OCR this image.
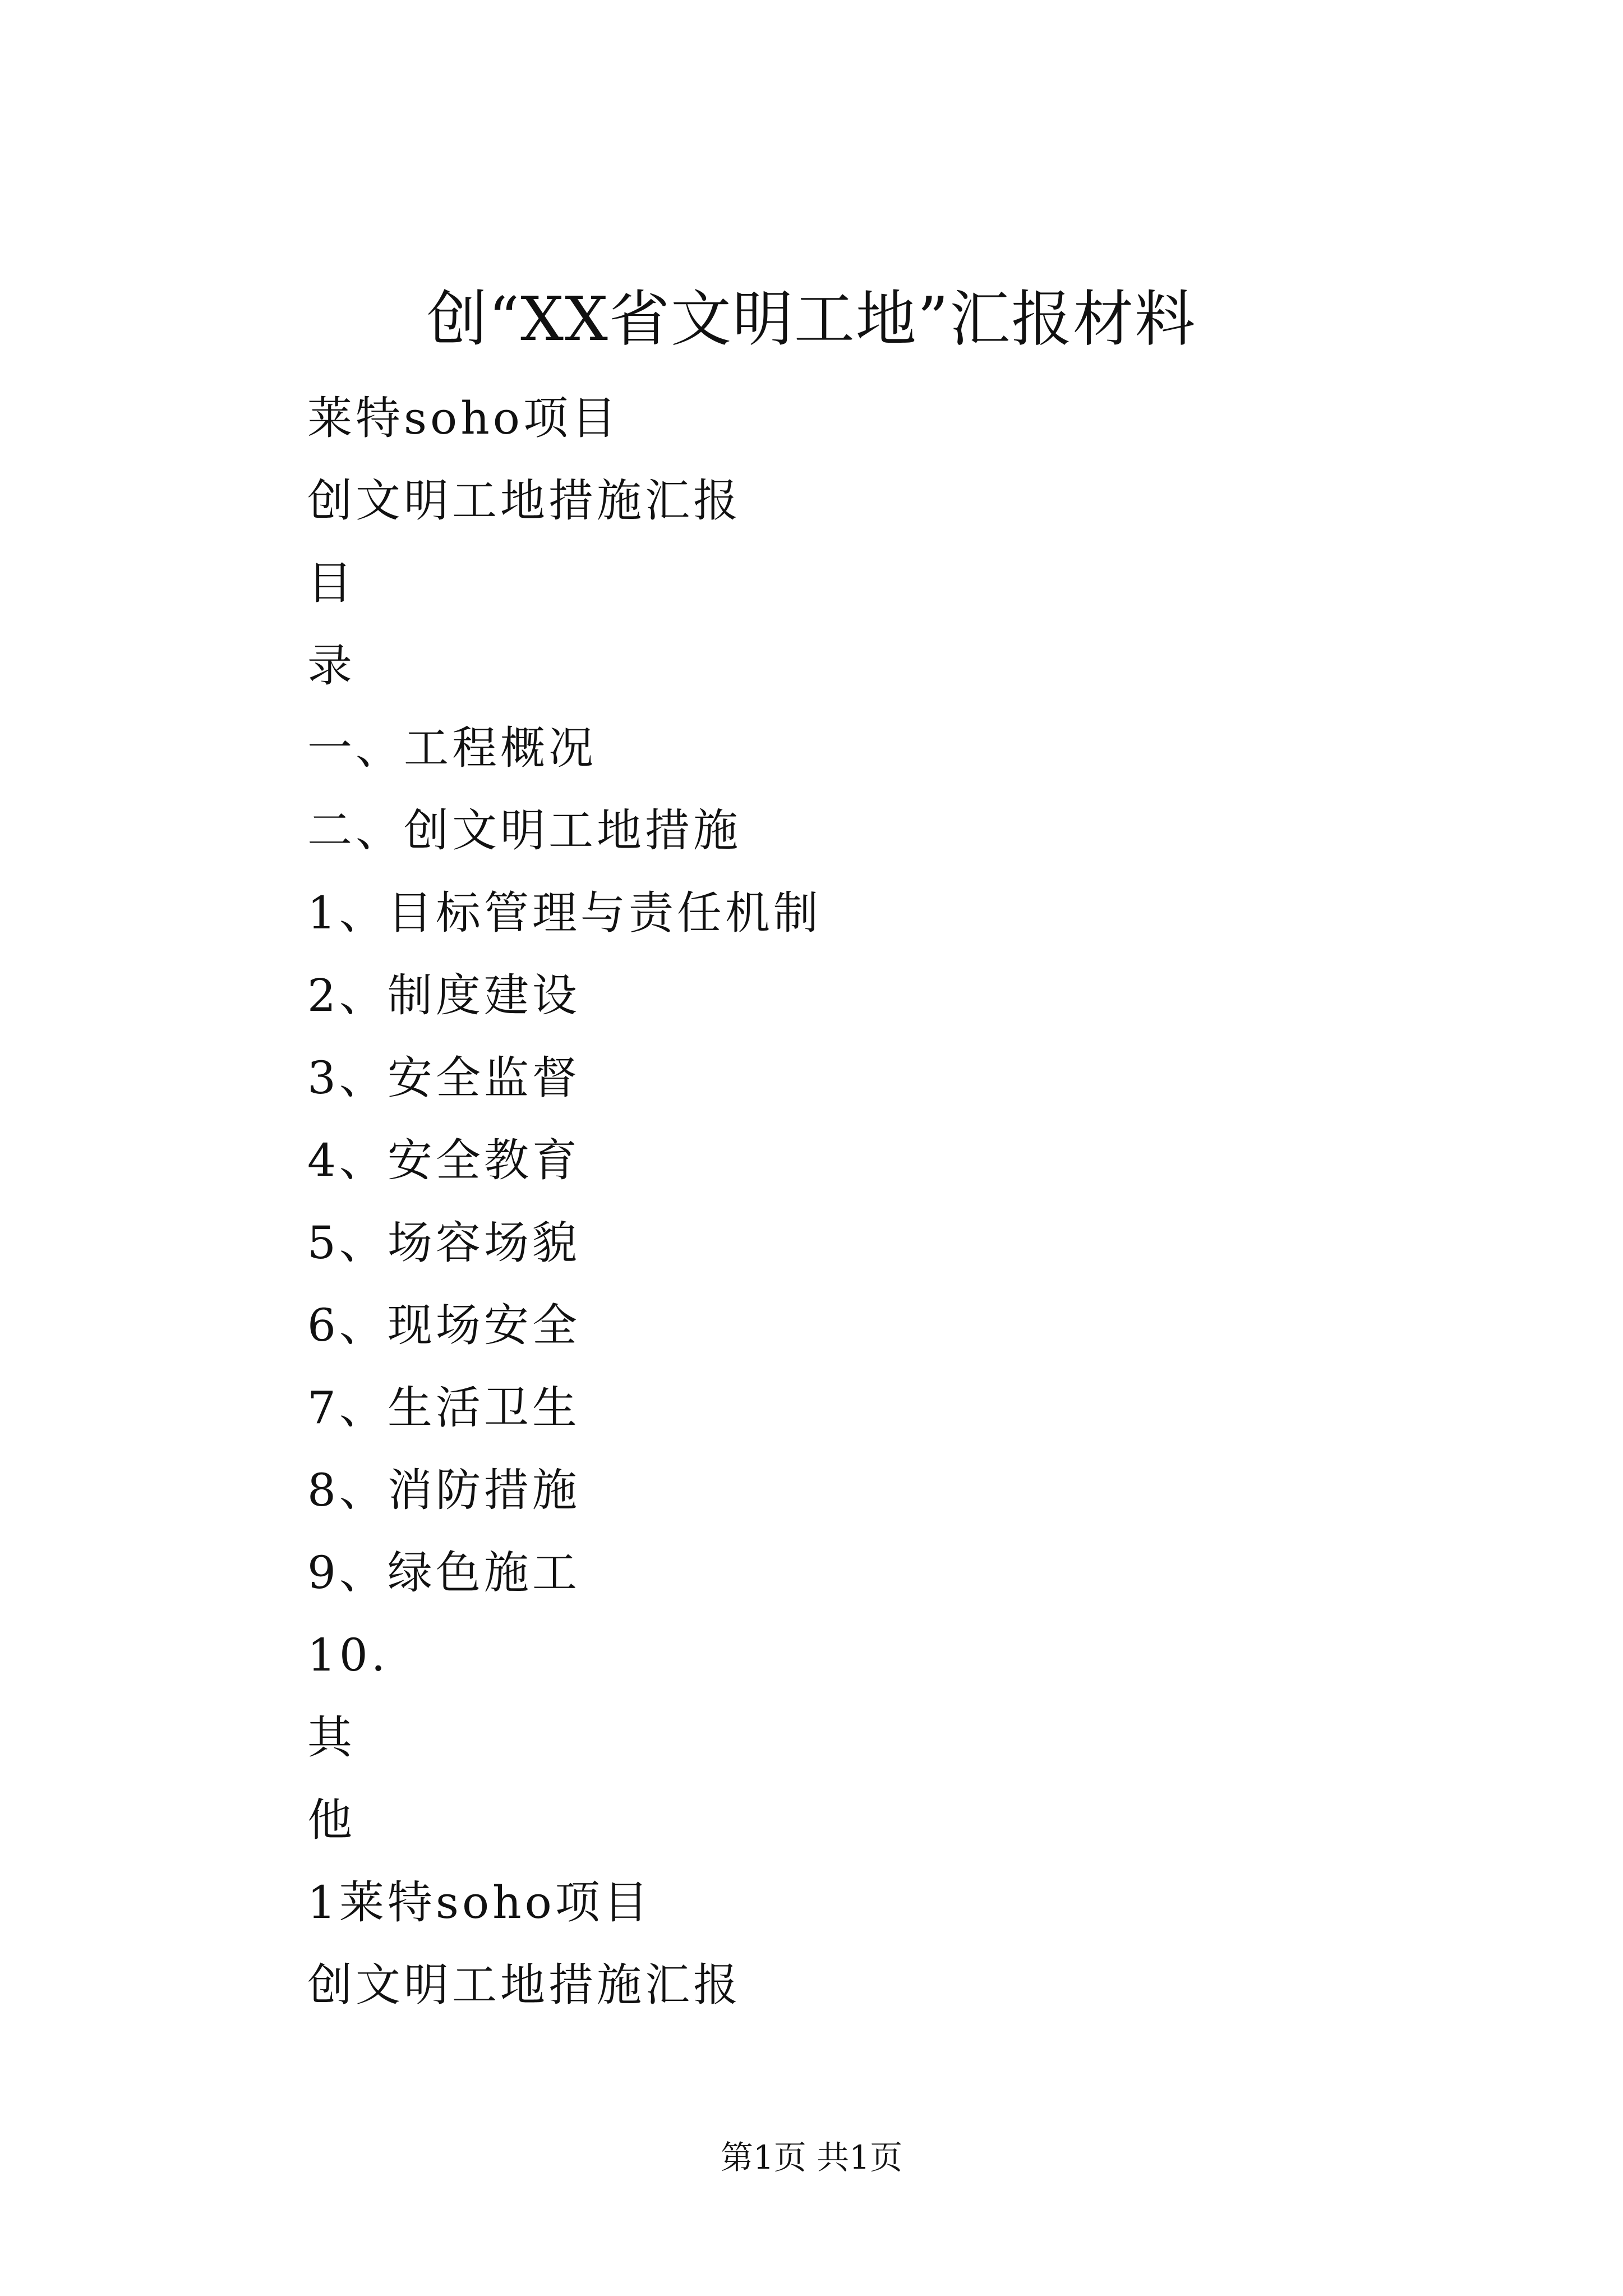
创“XX省文明工地”汇报材料
莱特soho项目
创文明工地措施汇报
目
录
一、工程概况
二、创文明工地措施
1、目标管理与责任机制
2、制度建设
3、安全监督
4、安全教育
5、场容场貌
6、现场安全
7、生活卫生
8、消防措施
9、绿色施工
10.
其
他
1莱特soho项目
创文明工地措施汇报
第1页 共1页
